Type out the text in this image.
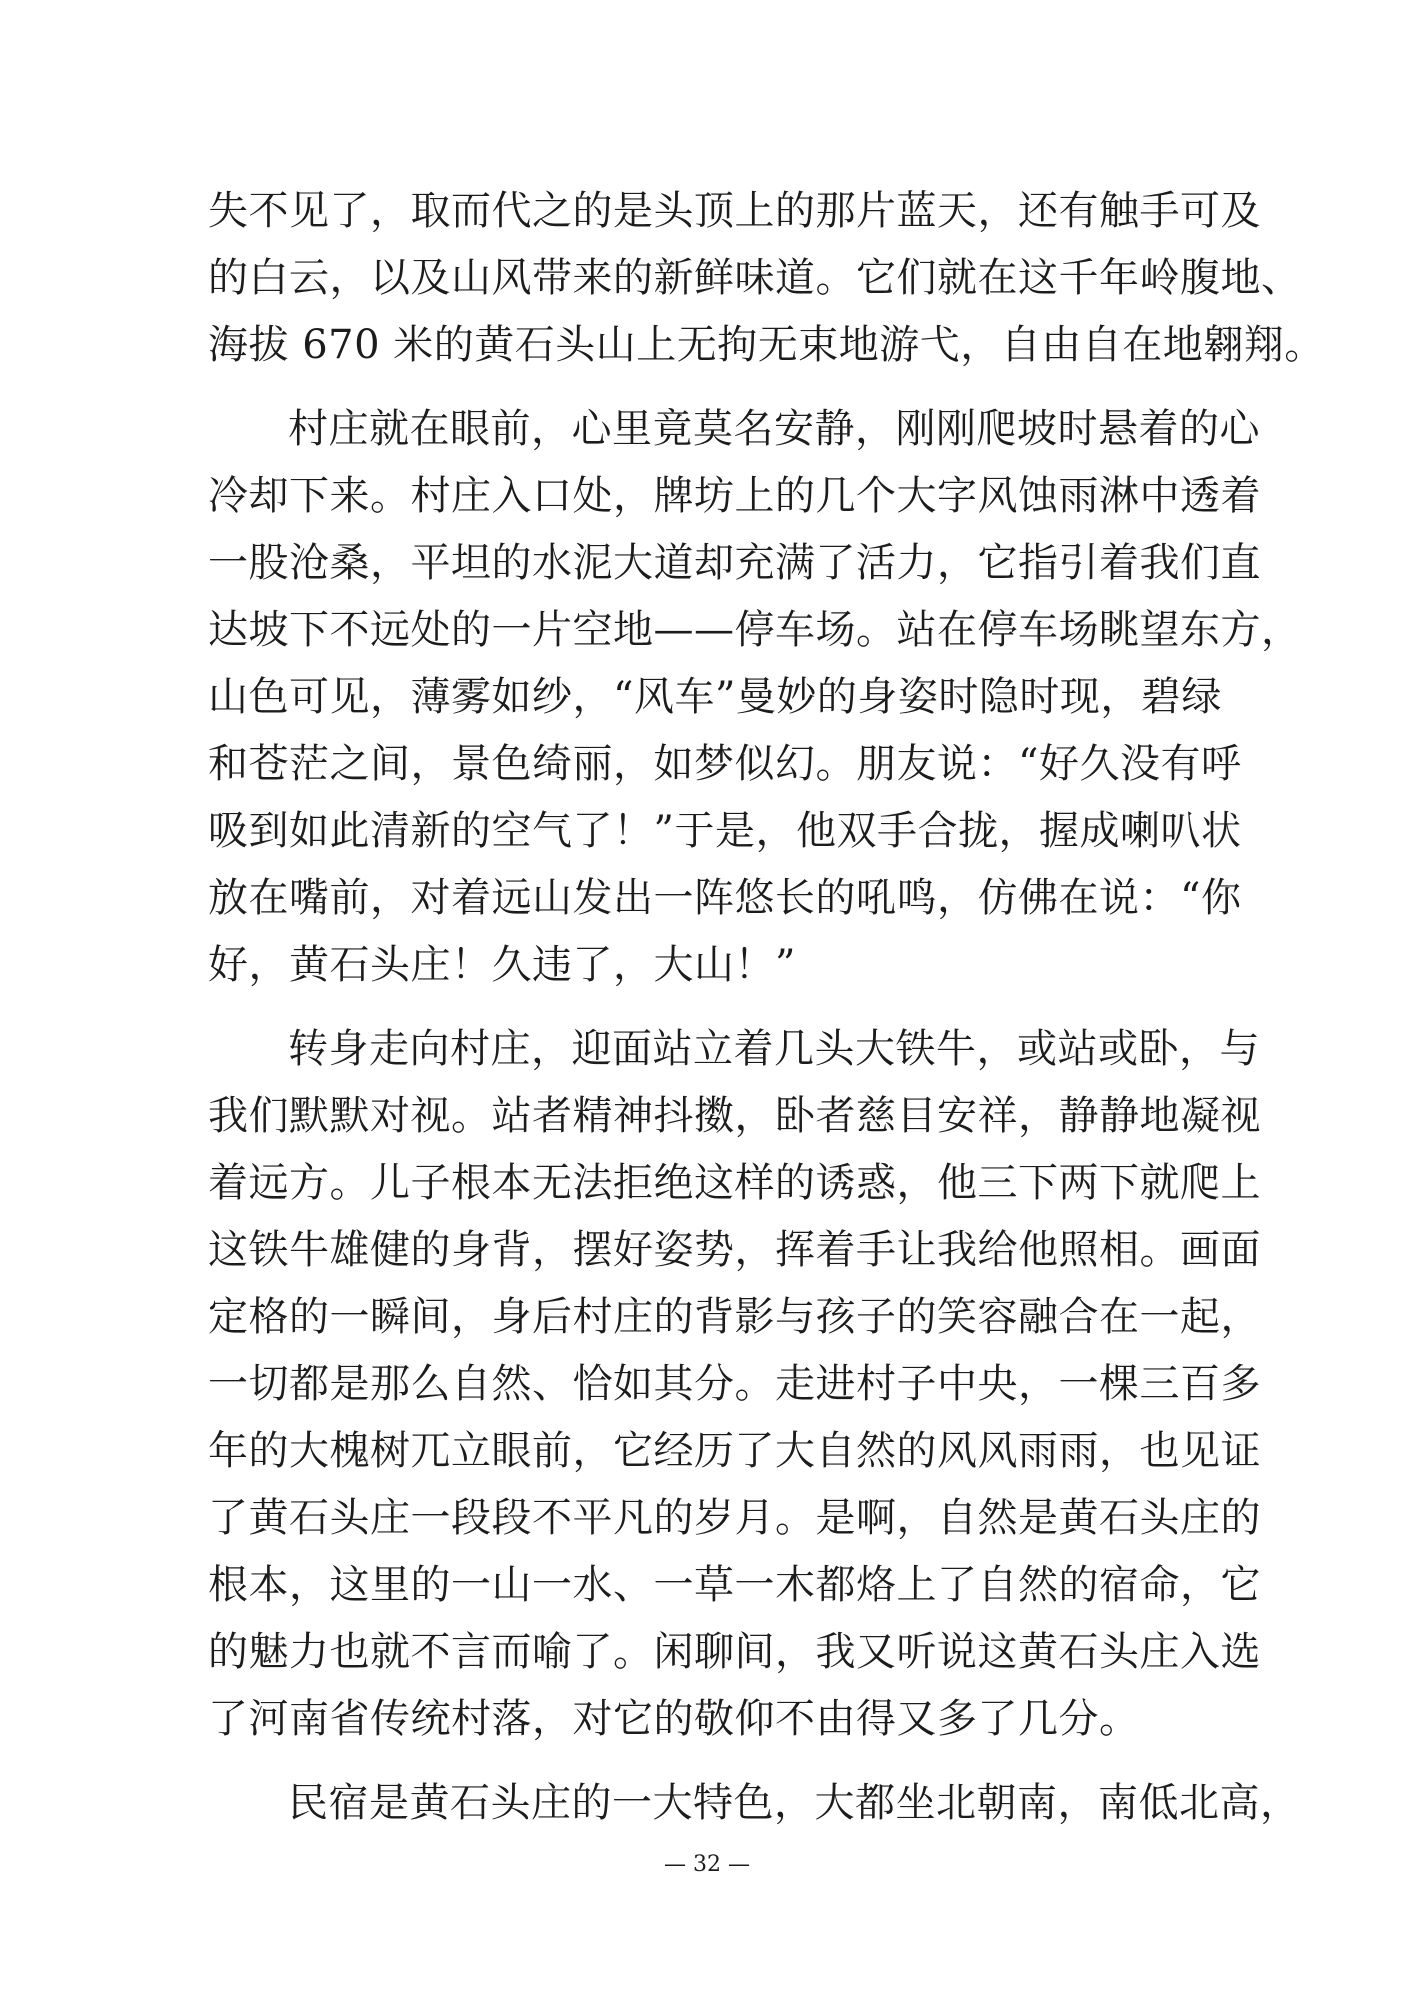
失不见了，取而代之的是头顶上的那片蓝天，还有触手可及
的白云，以及山风带来的新鲜味道。它们就在这千年岭腹地、
海拔 670 米的黄石头山上无拘无束地游弋，自由自在地翱翔。
村庄就在眼前，心里竟莫名安静，刚刚爬坡时悬着的心
冷却下来。村庄入口处，牌坊上的几个大字风蚀雨淋中透着
一股沧桑，平坦的水泥大道却充满了活力，它指引着我们直
达坡下不远处的一片空地——停车场。站在停车场眺望东方，
山色可见，薄雾如纱，“风车”曼妙的身姿时隐时现，碧绿
和苍茫之间，景色绮丽，如梦似幻。朋友说：“好久没有呼
吸到如此清新的空气了！”于是，他双手合拢，握成喇叭状
放在嘴前，对着远山发出一阵悠长的吼鸣，仿佛在说：“你
好，黄石头庄！久违了，大山！”
转身走向村庄，迎面站立着几头大铁牛，或站或卧，与
我们默默对视。站者精神抖擞，卧者慈目安祥，静静地凝视
着远方。儿子根本无法拒绝这样的诱惑，他三下两下就爬上
这铁牛雄健的身背，摆好姿势，挥着手让我给他照相。画面
定格的一瞬间，身后村庄的背影与孩子的笑容融合在一起，
一切都是那么自然、恰如其分。走进村子中央，一棵三百多
年的大槐树兀立眼前，它经历了大自然的风风雨雨，也见证
了黄石头庄一段段不平凡的岁月。是啊，自然是黄石头庄的
根本，这里的一山一水、一草一木都烙上了自然的宿命，它
的魅力也就不言而喻了。闲聊间，我又听说这黄石头庄入选
了河南省传统村落，对它的敬仰不由得又多了几分。
民宿是黄石头庄的一大特色，大都坐北朝南，南低北高，
— 32 —
